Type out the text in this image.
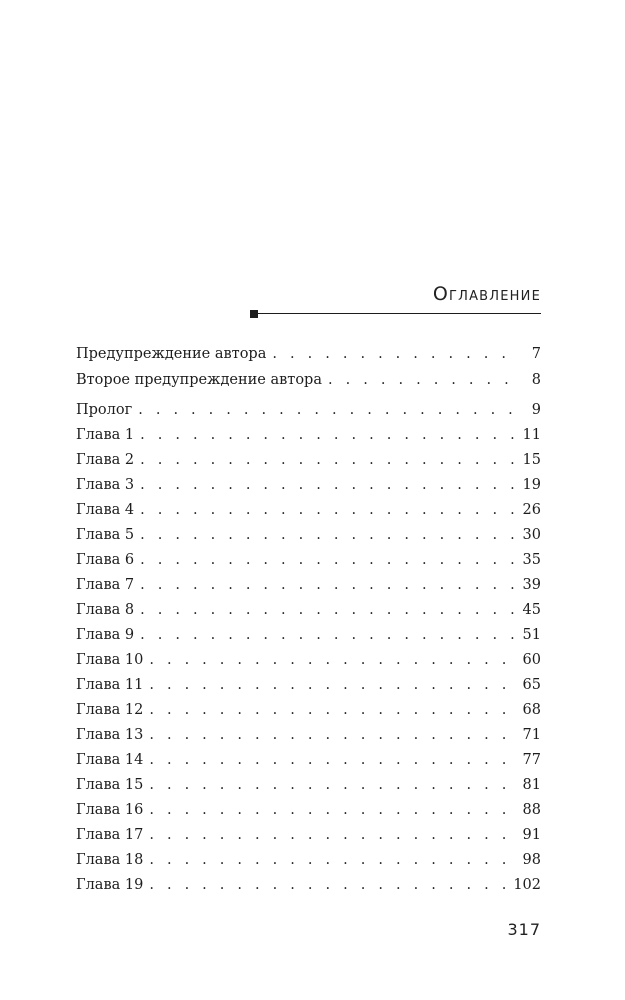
Оглавление
Предупреждение автора . . .	7
Второе предупреждение автора . . .	8
Пролог . . .	9
Глава 1 . . .	11
Глава 2 . . .	15
Глава 3 . . .	19
Глава 4 . . .	26
Глава 5 . . .	30
Глава 6 . . .	35
Глава 7 . . .	39
Глава 8 . . .	45
Глава 9 . . .	51
Глава 10 . . .	60
Глава 11 . . .	65
Глава 12 . . .	68
Глава 13 . . .	71
Глава 14 . . .	77
Глава 15 . . .	81
Глава 16 . . .	88
Глава 17 . . .	91
Глава 18 . . .	98
Глава 19 . . .	102
317
